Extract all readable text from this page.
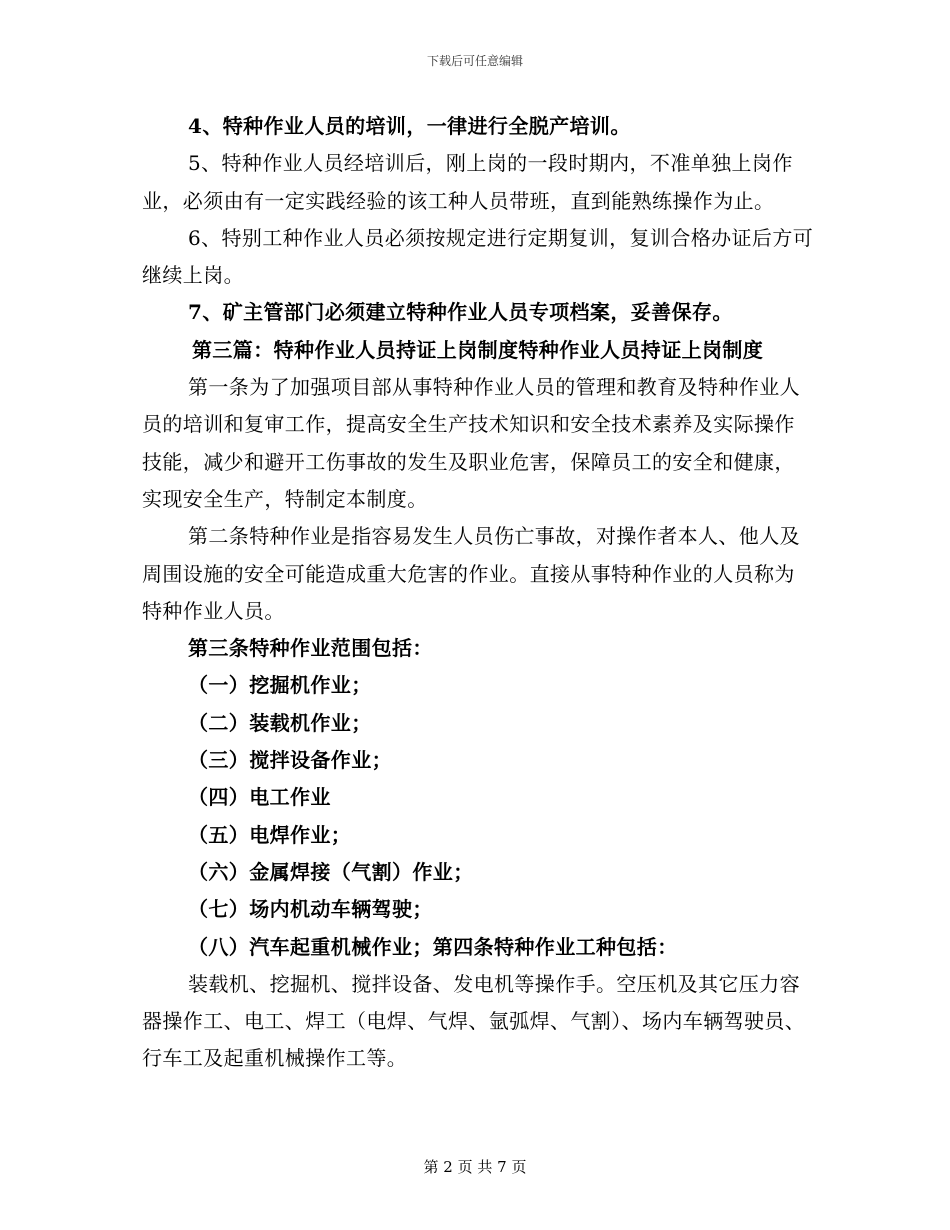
下载后可任意编辑
4、特种作业人员的培训，一律进行全脱产培训。
5、特种作业人员经培训后，刚上岗的一段时期内，不准单独上岗作业，必须由有一定实践经验的该工种人员带班，直到能熟练操作为止。
6、特别工种作业人员必须按规定进行定期复训，复训合格办证后方可继续上岗。
7、矿主管部门必须建立特种作业人员专项档案，妥善保存。
第三篇：特种作业人员持证上岗制度特种作业人员持证上岗制度
第一条为了加强项目部从事特种作业人员的管理和教育及特种作业人员的培训和复审工作，提高安全生产技术知识和安全技术素养及实际操作技能，减少和避开工伤事故的发生及职业危害，保障员工的安全和健康，实现安全生产，特制定本制度。
第二条特种作业是指容易发生人员伤亡事故，对操作者本人、他人及周围设施的安全可能造成重大危害的作业。直接从事特种作业的人员称为特种作业人员。
第三条特种作业范围包括：
（一）挖掘机作业；
（二）装载机作业；
（三）搅拌设备作业；
（四）电工作业
（五）电焊作业；
（六）金属焊接（气割）作业；
（七）场内机动车辆驾驶；
（八）汽车起重机械作业；第四条特种作业工种包括：
装载机、挖掘机、搅拌设备、发电机等操作手。空压机及其它压力容器操作工、电工、焊工（电焊、气焊、氩弧焊、气割）、场内车辆驾驶员、行车工及起重机械操作工等。
第 2 页 共 7 页
